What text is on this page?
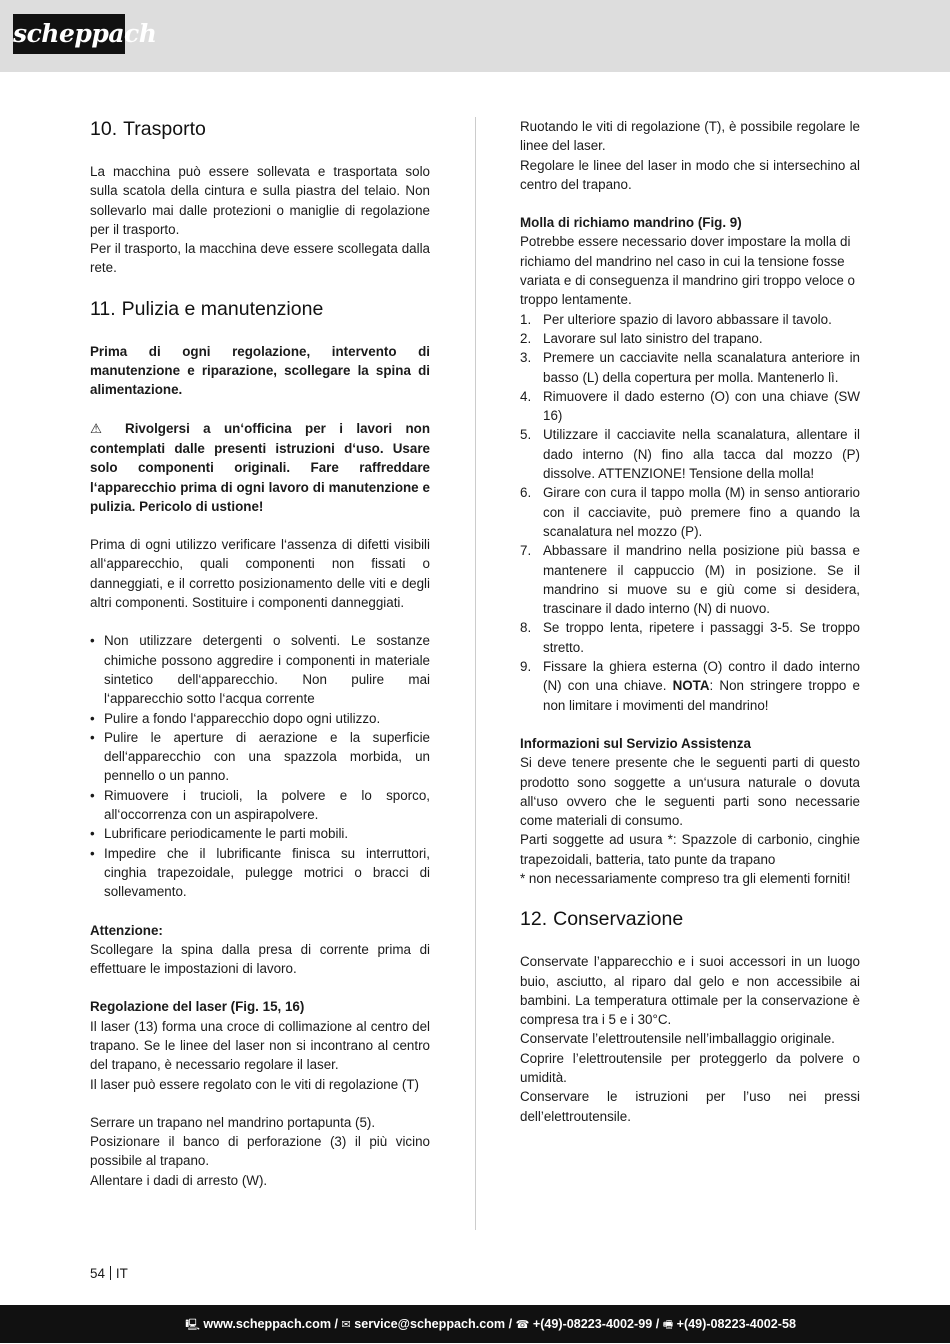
scheppach
10. Trasporto

La macchina può essere sollevata e trasportata solo sulla scatola della cintura e sulla piastra del telaio. Non sollevarlo mai dalle protezioni o maniglie di regolazione per il trasporto.

Per il trasporto, la macchina deve essere scollegata dalla rete.

11. Pulizia e manutenzione

Prima di ogni regolazione, intervento di manutenzione e riparazione, scollegare la spina di alimentazione.

⚠ Rivolgersi a un‘officina per i lavori non contemplati dalle presenti istruzioni d‘uso. Usare solo componenti originali. Fare raffreddare l‘apparecchio prima di ogni lavoro di manutenzione e pulizia. Pericolo di ustione!

Prima di ogni utilizzo verificare l‘assenza di difetti visibili all‘apparecchio, quali componenti non fissati o danneggiati, e il corretto posizionamento delle viti e degli altri componenti. Sostituire i componenti danneggiati.

• Non utilizzare detergenti o solventi. Le sostanze chimiche possono aggredire i componenti in materiale sintetico dell‘apparecchio. Non pulire mai l‘apparecchio sotto l‘acqua corrente
• Pulire a fondo l‘apparecchio dopo ogni utilizzo.
• Pulire le aperture di aerazione e la superficie dell‘apparecchio con una spazzola morbida, un pennello o un panno.
• Rimuovere i trucioli, la polvere e lo sporco, all‘occorrenza con un aspirapolvere.
• Lubrificare periodicamente le parti mobili.
• Impedire che il lubrificante finisca su interruttori, cinghia trapezoidale, pulegge motrici o bracci di sollevamento.

Attenzione:

Scollegare la spina dalla presa di corrente prima di effettuare le impostazioni di lavoro.

Regolazione del laser (Fig. 15, 16)

Il laser (13) forma una croce di collimazione al centro del trapano. Se le linee del laser non si incontrano al centro del trapano, è necessario regolare il laser.

Il laser può essere regolato con le viti di regolazione (T)

Serrare un trapano nel mandrino portapunta (5).

Posizionare il banco di perforazione (3) il più vicino possibile al trapano.

Allentare i dadi di arresto (W).

Ruotando le viti di regolazione (T), è possibile regolare le linee del laser.

Regolare le linee del laser in modo che si intersechino al centro del trapano.

Molla di richiamo mandrino (Fig. 9)

Potrebbe essere necessario dover impostare la molla di richiamo del mandrino nel caso in cui la tensione fosse variata e di conseguenza il mandrino giri troppo veloce o troppo lentamente.

1. Per ulteriore spazio di lavoro abbassare il tavolo.
2. Lavorare sul lato sinistro del trapano.
3. Premere un cacciavite nella scanalatura anteriore in basso (L) della copertura per molla. Mantenerlo lì.
4. Rimuovere il dado esterno (O) con una chiave (SW 16)
5. Utilizzare il cacciavite nella scanalatura, allentare il dado interno (N) fino alla tacca dal mozzo (P) dissolve. ATTENZIONE! Tensione della molla!
6. Girare con cura il tappo molla (M) in senso antiorario con il cacciavite, può premere fino a quando la scanalatura nel mozzo (P).
7. Abbassare il mandrino nella posizione più bassa e mantenere il cappuccio (M) in posizione. Se il mandrino si muove su e giù come si desidera, trascinare il dado interno (N) di nuovo.
8. Se troppo lenta, ripetere i passaggi 3-5. Se troppo stretto.
9. Fissare la ghiera esterna (O) contro il dado interno (N) con una chiave. NOTA: Non stringere troppo e non limitare i movimenti del mandrino!

Informazioni sul Servizio Assistenza

Si deve tenere presente che le seguenti parti di questo prodotto sono soggette a un‘usura naturale o dovuta all‘uso ovvero che le seguenti parti sono necessarie come materiali di consumo.

Parti soggette ad usura *: Spazzole di carbonio, cinghie trapezoidali, batteria, tato punte da trapano

* non necessariamente compreso tra gli elementi forniti!

12. Conservazione

Conservate l’apparecchio e i suoi accessori in un luogo buio, asciutto, al riparo dal gelo e non accessibile ai bambini. La temperatura ottimale per la conservazione è compresa tra i 5 e i 30°C.

Conservate l’elettroutensile nell’imballaggio originale.

Coprire l’elettroutensile per proteggerlo da polvere o umidità.

Conservare le istruzioni per l’uso nei pressi dell’elettroutensile.

54 IT
🖳 www.scheppach.com / ✉ service@scheppach.com / ☎ +(49)-08223-4002-99 / 🖷 +(49)-08223-4002-58
